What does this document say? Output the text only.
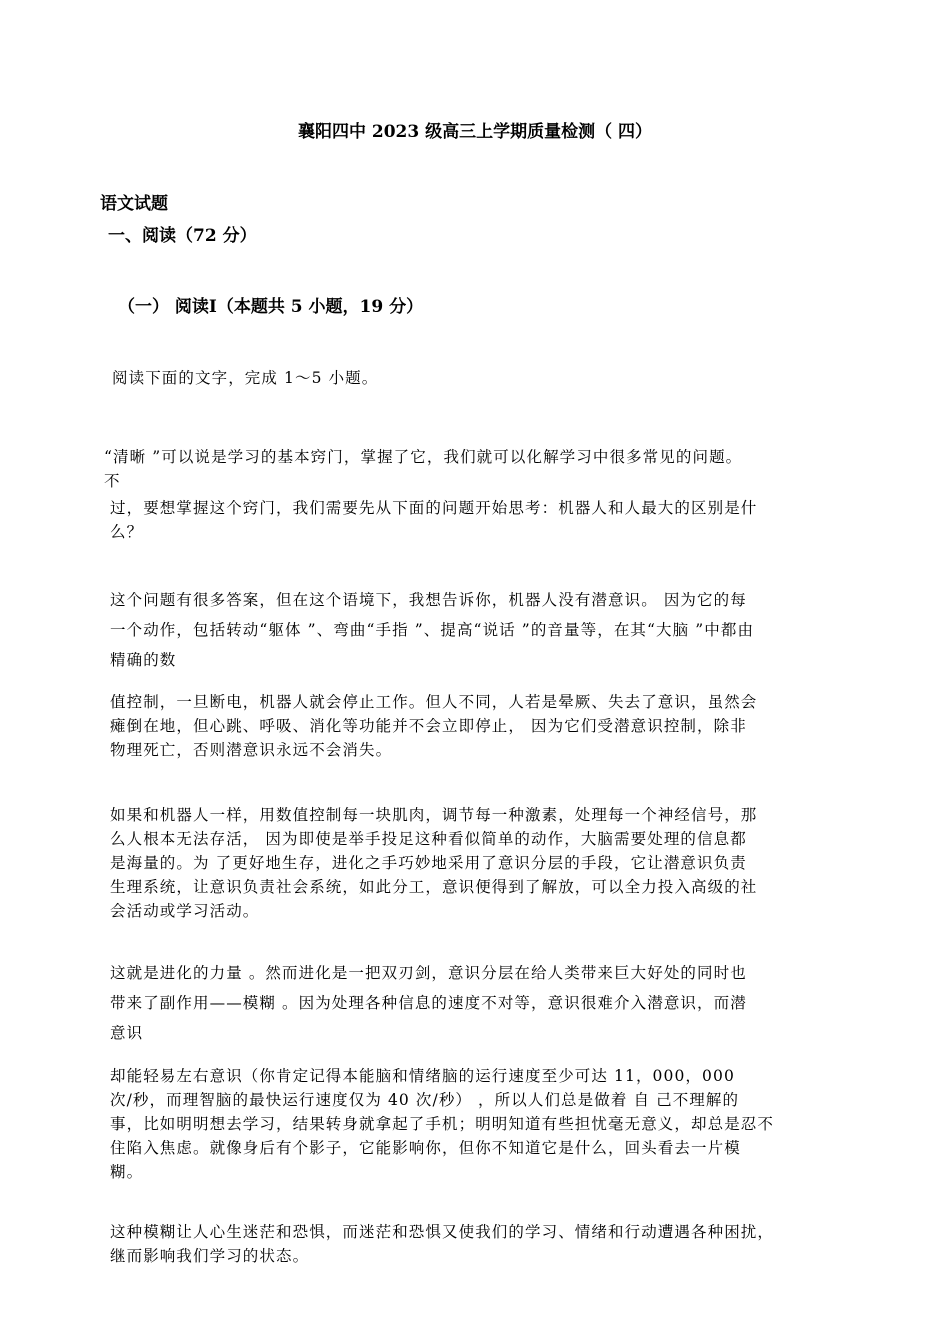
襄阳四中 2023 级高三上学期质量检测（ 四）
语文试题
一、阅读（72 分）
（一） 阅读Ⅰ（本题共 5 小题，19 分）
阅读下面的文字，完成 1～5 小题。
“清晰 ”可以说是学习的基本窍门，掌握了它，我们就可以化解学习中很多常见的问题。
不
过，要想掌握这个窍门，我们需要先从下面的问题开始思考：机器人和人最大的区别是什
么？
这个问题有很多答案，但在这个语境下，我想告诉你，机器人没有潜意识。 因为它的每
一个动作，包括转动“躯体 ”、弯曲“手指 ”、提高“说话 ”的音量等，在其“大脑 ”中都由
精确的数
值控制，一旦断电，机器人就会停止工作。但人不同，人若是晕厥、失去了意识，虽然会
瘫倒在地，但心跳、呼吸、消化等功能并不会立即停止， 因为它们受潜意识控制，除非
物理死亡，否则潜意识永远不会消失。
如果和机器人一样，用数值控制每一块肌肉，调节每一种激素，处理每一个神经信号，那
么人根本无法存活， 因为即使是举手投足这种看似简单的动作，大脑需要处理的信息都
是海量的。为 了更好地生存，进化之手巧妙地采用了意识分层的手段，它让潜意识负责
生理系统，让意识负责社会系统，如此分工，意识便得到了解放，可以全力投入高级的社
会活动或学习活动。
这就是进化的力量 。然而进化是一把双刃剑，意识分层在给人类带来巨大好处的同时也
带来了副作用——模糊 。因为处理各种信息的速度不对等，意识很难介入潜意识，而潜
意识
却能轻易左右意识（你肯定记得本能脑和情绪脑的运行速度至少可达 11，000，000
次/秒，而理智脑的最快运行速度仅为 40 次/秒） ，所以人们总是做着 自 己不理解的
事，比如明明想去学习，结果转身就拿起了手机；明明知道有些担忧毫无意义，却总是忍不
住陷入焦虑。就像身后有个影子，它能影响你，但你不知道它是什么，回头看去一片模
糊。
这种模糊让人心生迷茫和恐惧，而迷茫和恐惧又使我们的学习、情绪和行动遭遇各种困扰，
继而影响我们学习的状态。
